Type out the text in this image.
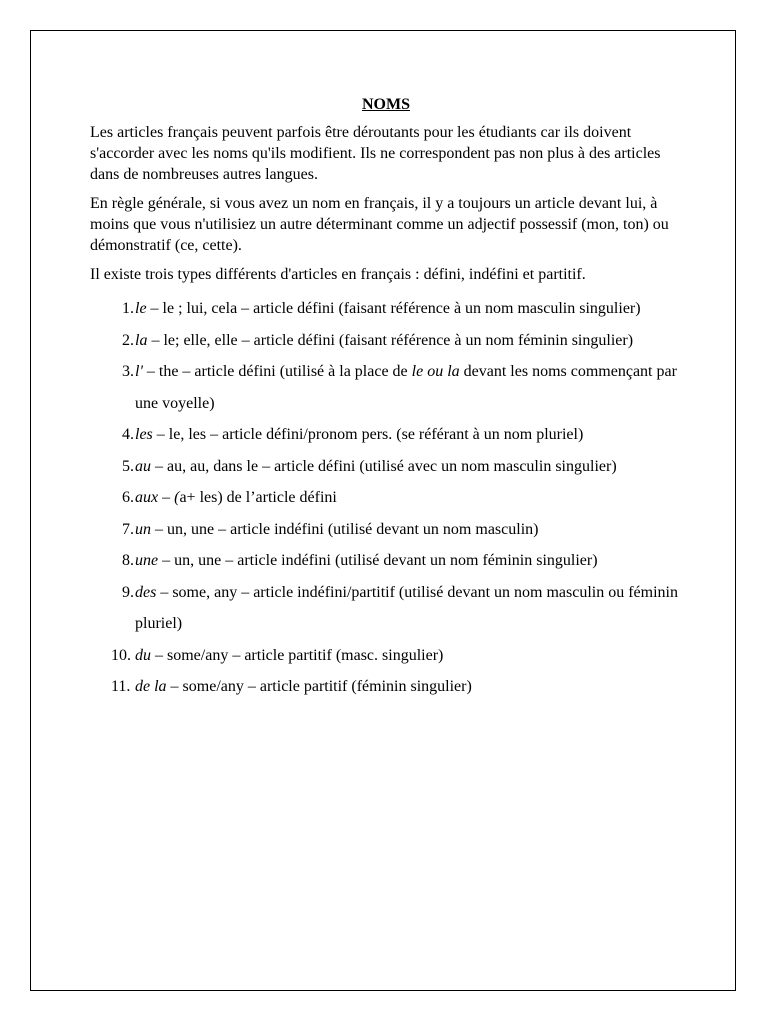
NOMS

Les articles français peuvent parfois être déroutants pour les étudiants car ils doivent s'accorder avec les noms qu'ils modifient. Ils ne correspondent pas non plus à des articles dans de nombreuses autres langues.

En règle générale, si vous avez un nom en français, il y a toujours un article devant lui, à moins que vous n'utilisiez un autre déterminant comme un adjectif possessif (mon, ton) ou démonstratif (ce, cette).

Il existe trois types différents d'articles en français : défini, indéfini et partitif.

1. le – le ; lui, cela – article défini (faisant référence à un nom masculin singulier)
2. la – le; elle, elle – article défini (faisant référence à un nom féminin singulier)
3. l' – the – article défini (utilisé à la place de le ou la devant les noms commençant par une voyelle)
4. les – le, les – article défini/pronom pers. (se référant à un nom pluriel)
5. au – au, au, dans le – article défini (utilisé avec un nom masculin singulier)
6. aux – (a+ les) de l’article défini
7. un – un, une – article indéfini (utilisé devant un nom masculin)
8. une – un, une – article indéfini (utilisé devant un nom féminin singulier)
9. des – some, any – article indéfini/partitif (utilisé devant un nom masculin ou féminin pluriel)
10. du – some/any – article partitif (masc. singulier)
11. de la – some/any – article partitif (féminin singulier)
